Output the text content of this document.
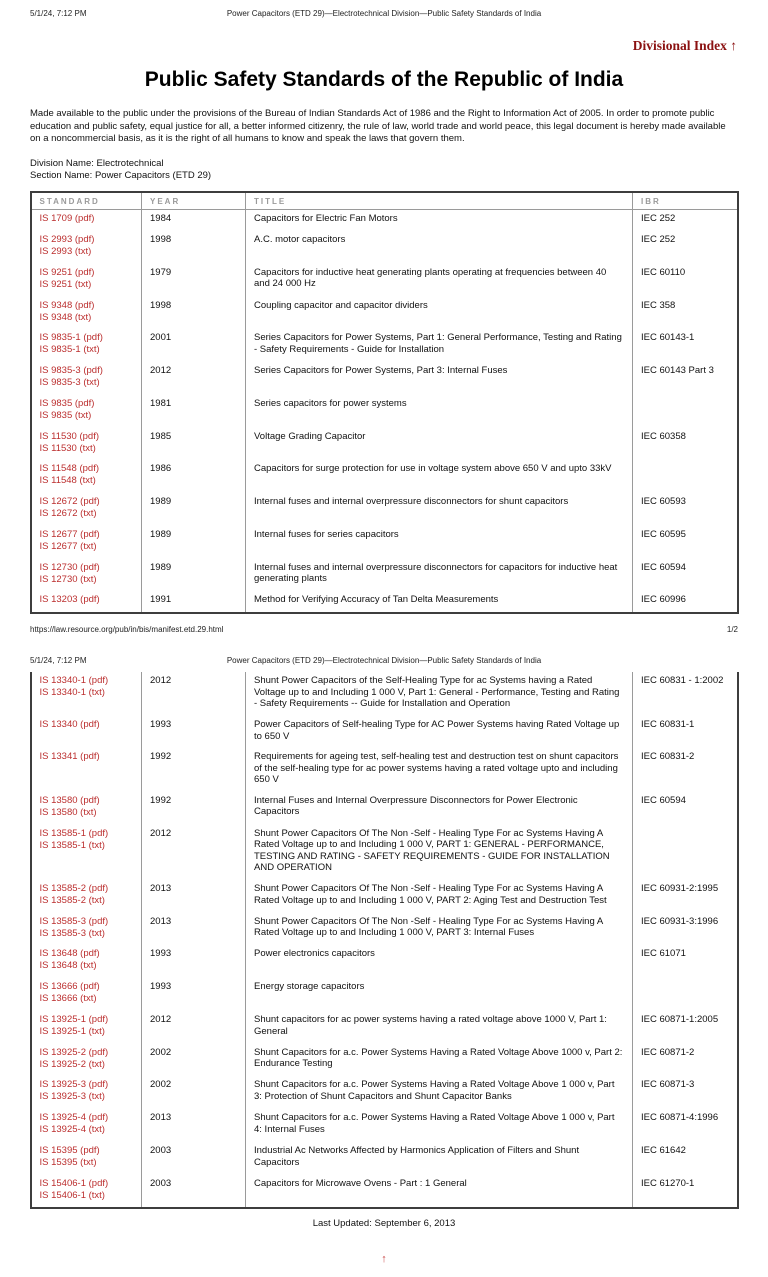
5/1/24, 7:12 PM	Power Capacitors (ETD 29)—Electrotechnical Division—Public Safety Standards of India
Divisional Index ↑
Public Safety Standards of the Republic of India

Made available to the public under the provisions of the Bureau of Indian Standards Act of 1986 and the Right to Information Act of 2005. In order to promote public education and public safety, equal justice for all, a better informed citizenry, the rule of law, world trade and world peace, this legal document is hereby made available on a noncommercial basis, as it is the right of all humans to know and speak the laws that govern them.

Division Name: Electrotechnical
Section Name: Power Capacitors (ETD 29)
STANDARD	YEAR	TITLE	IBR

IS 1709 (pdf)	1984	Capacitors for Electric Fan Motors	IEC 252

IS 2993 (pdf)
IS 2993 (txt)	1998	A.C. motor capacitors	IEC 252

IS 9251 (pdf)
IS 9251 (txt)	1979	Capacitors for inductive heat generating plants operating at frequencies between 40 and 24 000 Hz	IEC 60110

IS 9348 (pdf)
IS 9348 (txt)	1998	Coupling capacitor and capacitor dividers	IEC 358

IS 9835-1 (pdf)
IS 9835-1 (txt)	2001	Series Capacitors for Power Systems, Part 1: General Performance, Testing and Rating - Safety Requirements - Guide for Installation	IEC 60143-1

IS 9835-3 (pdf)
IS 9835-3 (txt)	2012	Series Capacitors for Power Systems, Part 3: Internal Fuses	IEC 60143 Part 3

IS 9835 (pdf)
IS 9835 (txt)	1981	Series capacitors for power systems	

IS 11530 (pdf)
IS 11530 (txt)	1985	Voltage Grading Capacitor	IEC 60358

IS 11548 (pdf)
IS 11548 (txt)	1986	Capacitors for surge protection for use in voltage system above 650 V and upto 33kV	

IS 12672 (pdf)
IS 12672 (txt)	1989	Internal fuses and internal overpressure disconnectors for shunt capacitors	IEC 60593

IS 12677 (pdf)
IS 12677 (txt)	1989	Internal fuses for series capacitors	IEC 60595

IS 12730 (pdf)
IS 12730 (txt)	1989	Internal fuses and internal overpressure disconnectors for capacitors for inductive heat generating plants	IEC 60594

IS 13203 (pdf)	1991	Method for Verifying Accuracy of Tan Delta Measurements	IEC 60996
https://law.resource.org/pub/in/bis/manifest.etd.29.html	1/2
5/1/24, 7:12 PM	Power Capacitors (ETD 29)—Electrotechnical Division—Public Safety Standards of India
IS 13340-1 (pdf)
IS 13340-1 (txt)	2012	Shunt Power Capacitors of the Self-Healing Type for ac Systems having a Rated Voltage up to and Including 1 000 V, Part 1: General - Performance, Testing and Rating - Safety Requirements -- Guide for Installation and Operation	IEC 60831 - 1:2002

IS 13340 (pdf)	1993	Power Capacitors of Self-healing Type for AC Power Systems having Rated Voltage up to 650 V	IEC 60831-1

IS 13341 (pdf)	1992	Requirements for ageing test, self-healing test and destruction test on shunt capacitors of the self-healing type for ac power systems having a rated voltage upto and including 650 V	IEC 60831-2

IS 13580 (pdf)
IS 13580 (txt)	1992	Internal Fuses and Internal Overpressure Disconnectors for Power Electronic Capacitors	IEC 60594

IS 13585-1 (pdf)
IS 13585-1 (txt)	2012	Shunt Power Capacitors Of The Non -Self - Healing Type For ac Systems Having A Rated Voltage up to and Including 1 000 V, PART 1: GENERAL - PERFORMANCE, TESTING AND RATING - SAFETY REQUIREMENTS - GUIDE FOR INSTALLATION AND OPERATION	

IS 13585-2 (pdf)
IS 13585-2 (txt)	2013	Shunt Power Capacitors Of The Non -Self - Healing Type For ac Systems Having A Rated Voltage up to and Including 1 000 V, PART 2: Aging Test and Destruction Test	IEC 60931-2:1995

IS 13585-3 (pdf)
IS 13585-3 (txt)	2013	Shunt Power Capacitors Of The Non -Self - Healing Type For ac Systems Having A Rated Voltage up to and Including 1 000 V, PART 3: Internal Fuses	IEC 60931-3:1996

IS 13648 (pdf)
IS 13648 (txt)	1993	Power electronics capacitors	IEC 61071

IS 13666 (pdf)
IS 13666 (txt)	1993	Energy storage capacitors	

IS 13925-1 (pdf)
IS 13925-1 (txt)	2012	Shunt capacitors for ac power systems having a rated voltage above 1000 V, Part 1: General	IEC 60871-1:2005

IS 13925-2 (pdf)
IS 13925-2 (txt)	2002	Shunt Capacitors for a.c. Power Systems Having a Rated Voltage Above 1000 v, Part 2: Endurance Testing	IEC 60871-2

IS 13925-3 (pdf)
IS 13925-3 (txt)	2002	Shunt Capacitors for a.c. Power Systems Having a Rated Voltage Above 1 000 v, Part 3: Protection of Shunt Capacitors and Shunt Capacitor Banks	IEC 60871-3

IS 13925-4 (pdf)
IS 13925-4 (txt)	2013	Shunt Capacitors for a.c. Power Systems Having a Rated Voltage Above 1 000 v, Part 4: Internal Fuses	IEC 60871-4:1996

IS 15395 (pdf)
IS 15395 (txt)	2003	Industrial Ac Networks Affected by Harmonics Application of Filters and Shunt Capacitors	IEC 61642

IS 15406-1 (pdf)
IS 15406-1 (txt)	2003	Capacitors for Microwave Ovens - Part : 1 General	IEC 61270-1
Last Updated: September 6, 2013
↑
